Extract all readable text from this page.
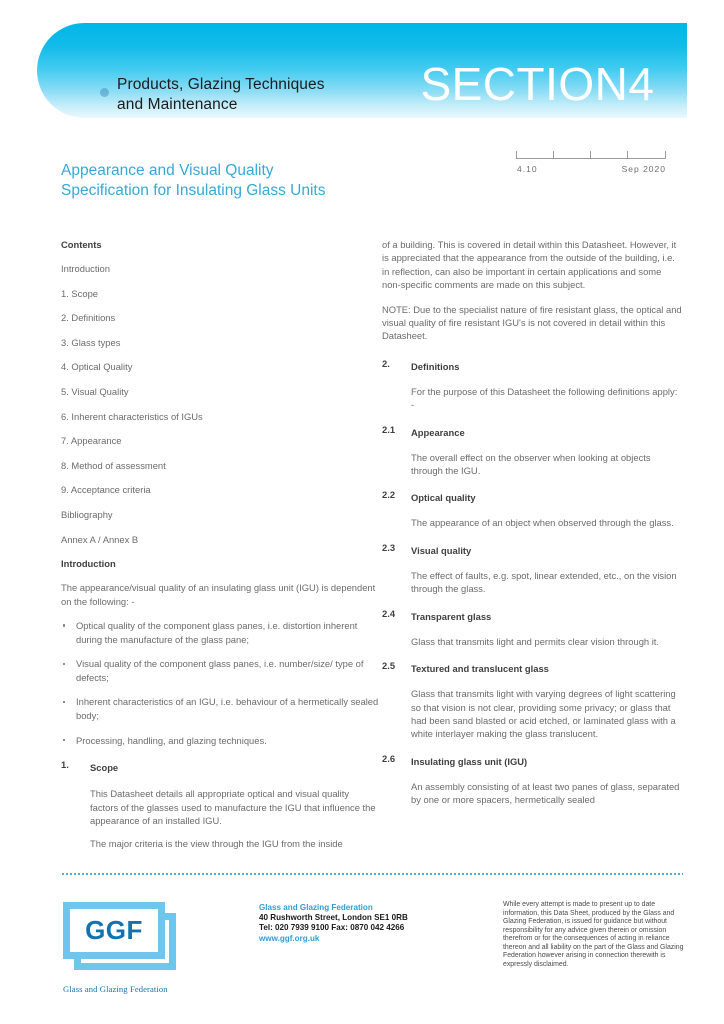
Products, Glazing Techniques
and Maintenance	SECTION4
Appearance and Visual Quality
Specification for Insulating Glass Units
4.10	Sep 2020
Contents
Introduction
1. Scope
2. Definitions
3. Glass types
4. Optical Quality
5. Visual Quality
6. Inherent characteristics of IGUs
7. Appearance
8. Method of assessment
9. Acceptance criteria
Bibliography
Annex A / Annex B
Introduction

The appearance/visual quality of an insulating glass unit (IGU) is dependent on the following: -

Optical quality of the component glass panes, i.e. distortion inherent during the manufacture of the glass pane;
Visual quality of the component glass panes, i.e. number/size/ type of defects;
Inherent characteristics of an IGU, i.e. behaviour of a hermetically sealed body;
Processing, handling, and glazing techniques.
1. Scope

This Datasheet details all appropriate optical and visual quality factors of the glasses used to manufacture the IGU that influence the appearance of an installed IGU.

The major criteria is the view through the IGU from the inside

of a building. This is covered in detail within this Datasheet. However, it is appreciated that the appearance from the outside of the building, i.e. in reflection, can also be important in certain applications and some non-specific comments are made on this subject.

NOTE: Due to the specialist nature of fire resistant glass, the optical and visual quality of fire resistant IGU's is not covered in detail within this Datasheet.

2. Definitions

For the purpose of this Datasheet the following definitions apply: -

2.1 Appearance

The overall effect on the observer when looking at objects through the IGU.

2.2 Optical quality

The appearance of an object when observed through the glass.

2.3 Visual quality

The effect of faults, e.g. spot, linear extended, etc., on the vision through the glass.

2.4 Transparent glass

Glass that transmits light and permits clear vision through it.

2.5 Textured and translucent glass

Glass that transmits light with varying degrees of light scattering so that vision is not clear, providing some privacy; or glass that had been sand blasted or acid etched, or laminated glass with a white interlayer making the glass translucent.

2.6 Insulating glass unit (IGU)

An assembly consisting of at least two panes of glass, separated by one or more spacers, hermetically sealed

GGF
Glass and Glazing Federation
Glass and Glazing Federation
40 Rushworth Street, London SE1 0RB
Tel: 020 7939 9100 Fax: 0870 042 4266
www.ggf.org.uk
While every attempt is made to present up to date information, this Data Sheet, produced by the Glass and Glazing Federation, is issued for guidance but without responsibility for any advice given therein or omission therefrom or for the consequences of acting in reliance thereon and all liability on the part of the Glass and Glazing Federation however arising in connection therewith is expressly disclaimed.
